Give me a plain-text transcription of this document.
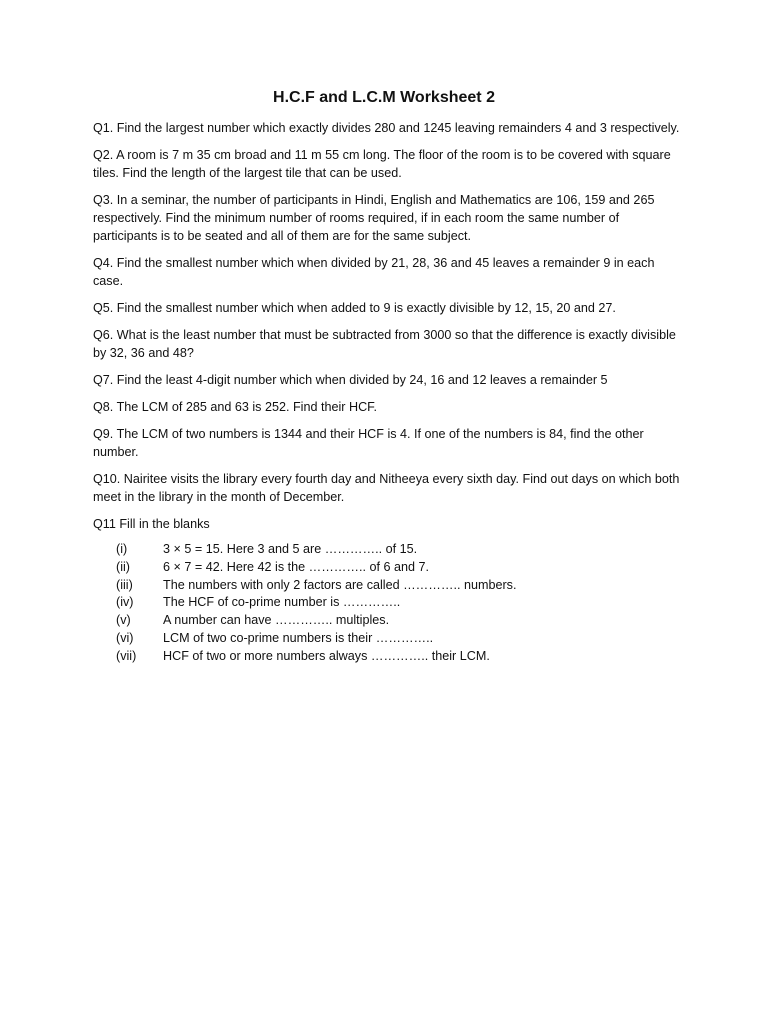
H.C.F and L.C.M Worksheet 2

Q1. Find the largest number which exactly divides 280 and 1245 leaving remainders 4 and 3 respectively.

Q2. A room is 7 m 35 cm broad and 11 m 55 cm long. The floor of the room is to be covered with square tiles. Find the length of the largest tile that can be used.

Q3. In a seminar, the number of participants in Hindi, English and Mathematics are 106, 159 and 265 respectively. Find the minimum number of rooms required, if in each room the same number of participants is to be seated and all of them are for the same subject.

Q4. Find the smallest number which when divided by 21, 28, 36 and 45 leaves a remainder 9 in each case.

Q5. Find the smallest number which when added to 9 is exactly divisible by 12, 15, 20 and 27.

Q6. What is the least number that must be subtracted from 3000 so that the difference is exactly divisible by 32, 36 and 48?

Q7. Find the least 4-digit number which when divided by 24, 16 and 12 leaves a remainder 5

Q8. The LCM of 285 and 63 is 252. Find their HCF.

Q9. The LCM of two numbers is 1344 and their HCF is 4. If one of the numbers is 84, find the other number.

Q10. Nairitee visits the library every fourth day and Nitheeya every sixth day. Find out days on which both meet in the library in the month of December.

Q11 Fill in the blanks

(i)	3 × 5 = 15. Here 3 and 5 are ………….. of 15.
(ii)	6 × 7 = 42. Here 42 is the ………….. of 6 and 7.
(iii)	The numbers with only 2 factors are called ………….. numbers.
(iv)	The HCF of co-prime number is …………..
(v)	A number can have ………….. multiples.
(vi)	LCM of two co-prime numbers is their …………..
(vii)	HCF of two or more numbers always ………….. their LCM.
